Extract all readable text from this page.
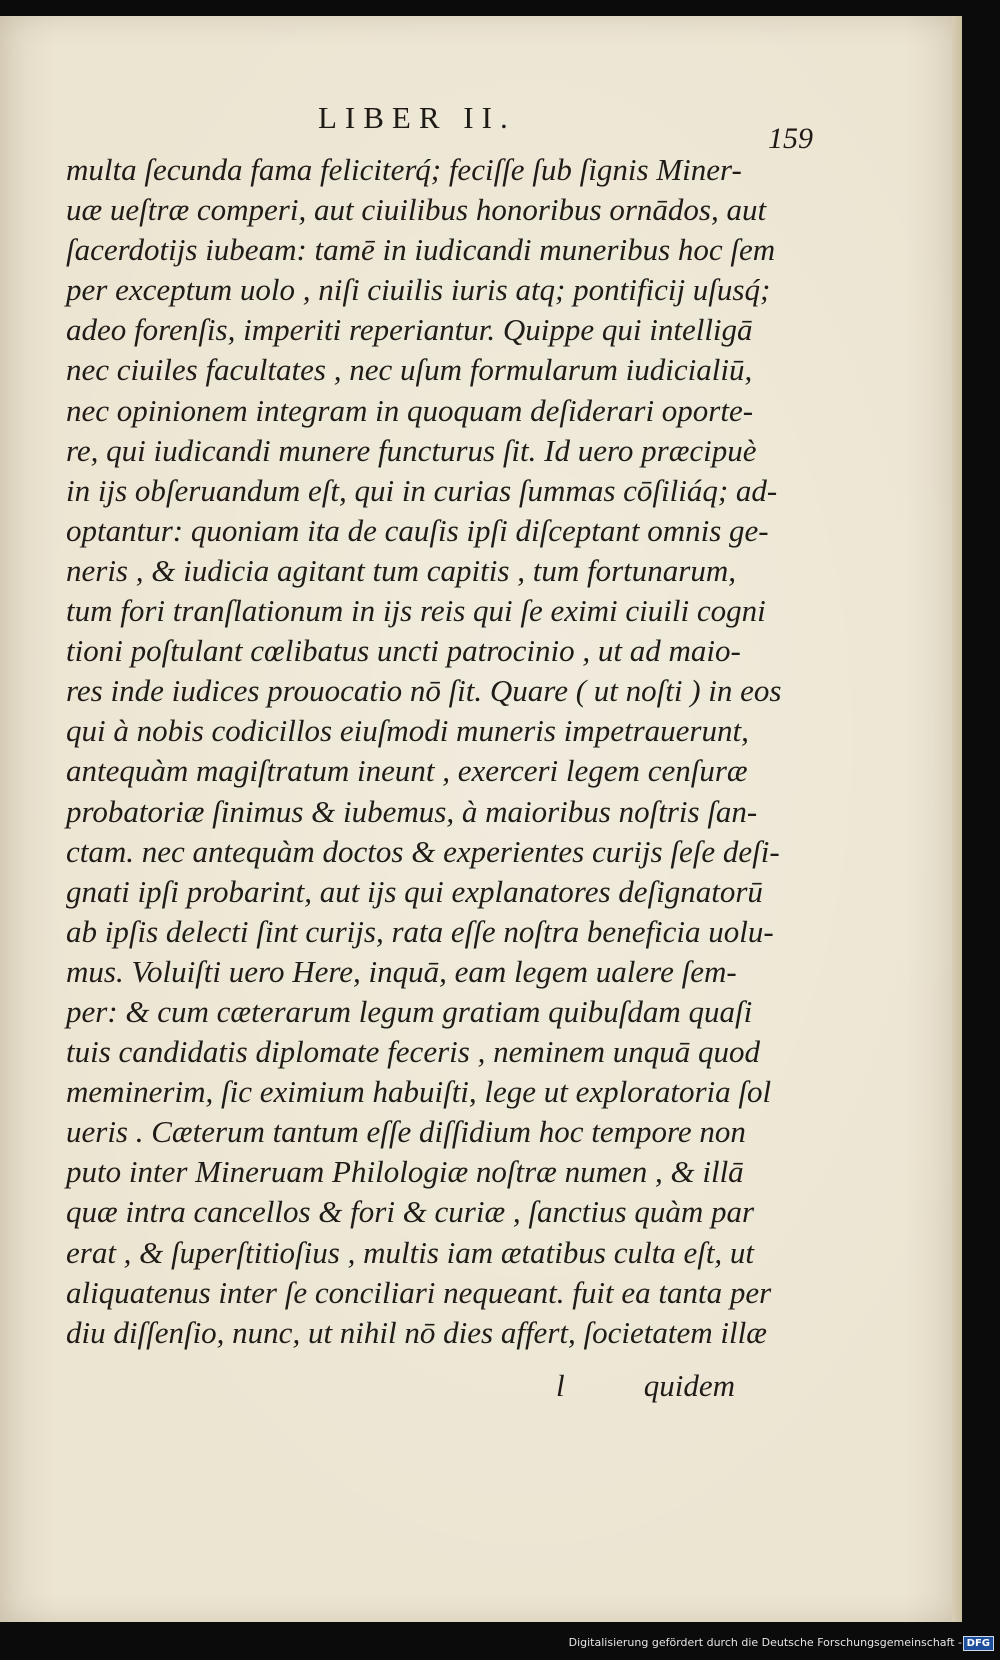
LIBER II.
159
multa ſecunda fama feliciterq́; feciſſe ſub ſignis Miner-
uæ ueſtræ comperi, aut ciuilibus honoribus ornādos, aut
ſacerdotijs iubeam: tamē in iudicandi muneribus hoc ſem
per exceptum uolo , niſi ciuilis iuris atq; pontificij uſusq́;
adeo forenſis, imperiti reperiantur. Quippe qui intelligā
nec ciuiles facultates , nec uſum formularum iudicialiū,
nec opinionem integram in quoquam deſiderari oporte-
re, qui iudicandi munere functurus ſit. Id uero præcipuè
in ijs obſeruandum eſt, qui in curias ſummas cōſiliáq; ad-
optantur: quoniam ita de cauſis ipſi diſceptant omnis ge-
neris , & iudicia agitant tum capitis , tum fortunarum,
tum fori tranſlationum in ijs reis qui ſe eximi ciuili cogni
tioni poſtulant cœlibatus uncti patrocinio , ut ad maio-
res inde iudices prouocatio nō ſit. Quare ( ut noſti ) in eos
qui à nobis codicillos eiuſmodi muneris impetrauerunt,
antequàm magiſtratum ineunt , exerceri legem cenſuræ
probatoriæ ſinimus & iubemus, à maioribus noſtris ſan-
ctam. nec antequàm doctos & experientes curijs ſeſe deſi-
gnati ipſi probarint, aut ijs qui explanatores deſignatorū
ab ipſis delecti ſint curijs, rata eſſe noſtra beneficia uolu-
mus. Voluiſti uero Here, inquā, eam legem ualere ſem-
per: & cum cæterarum legum gratiam quibuſdam quaſi
tuis candidatis diplomate feceris , neminem unquā quod
meminerim, ſic eximium habuiſti, lege ut exploratoria ſol
ueris . Cæterum tantum eſſe diſſidium hoc tempore non
puto inter Mineruam Philologiæ noſtræ numen , & illā
quæ intra cancellos & fori & curiæ , ſanctius quàm par
erat , & ſuperſtitioſius , multis iam ætatibus culta eſt, ut
aliquatenus inter ſe conciliari nequeant. fuit ea tanta per
diu diſſenſio, nunc, ut nihil nō dies affert, ſocietatem illæ
l	quidem
Digitalisierung gefördert durch die Deutsche Forschungsgemeinschaft - DFG
